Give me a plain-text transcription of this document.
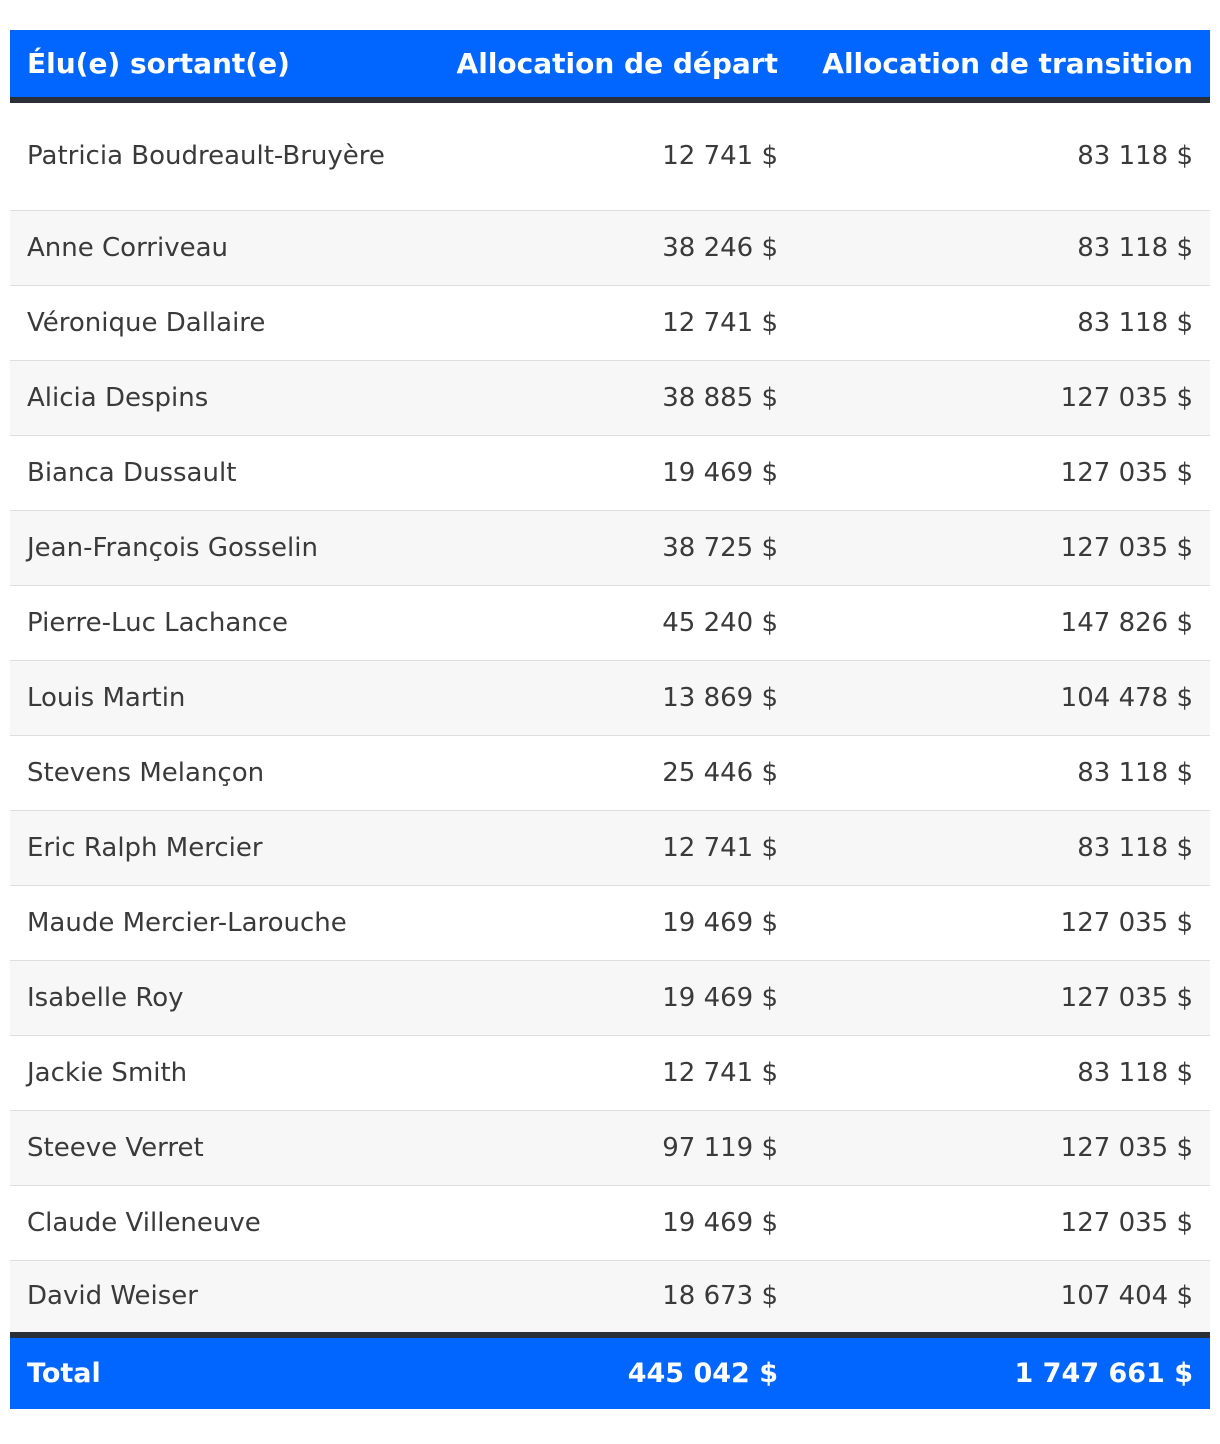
Élu(e) sortant(e)	Allocation de départ	Allocation de transition
Patricia Boudreault-Bruyère	12 741 $	83 118 $
Anne Corriveau	38 246 $	83 118 $
Véronique Dallaire	12 741 $	83 118 $
Alicia Despins	38 885 $	127 035 $
Bianca Dussault	19 469 $	127 035 $
Jean-François Gosselin	38 725 $	127 035 $
Pierre-Luc Lachance	45 240 $	147 826 $
Louis Martin	13 869 $	104 478 $
Stevens Melançon	25 446 $	83 118 $
Eric Ralph Mercier	12 741 $	83 118 $
Maude Mercier-Larouche	19 469 $	127 035 $
Isabelle Roy	19 469 $	127 035 $
Jackie Smith	12 741 $	83 118 $
Steeve Verret	97 119 $	127 035 $
Claude Villeneuve	19 469 $	127 035 $
David Weiser	18 673 $	107 404 $
Total	445 042 $	1 747 661 $
